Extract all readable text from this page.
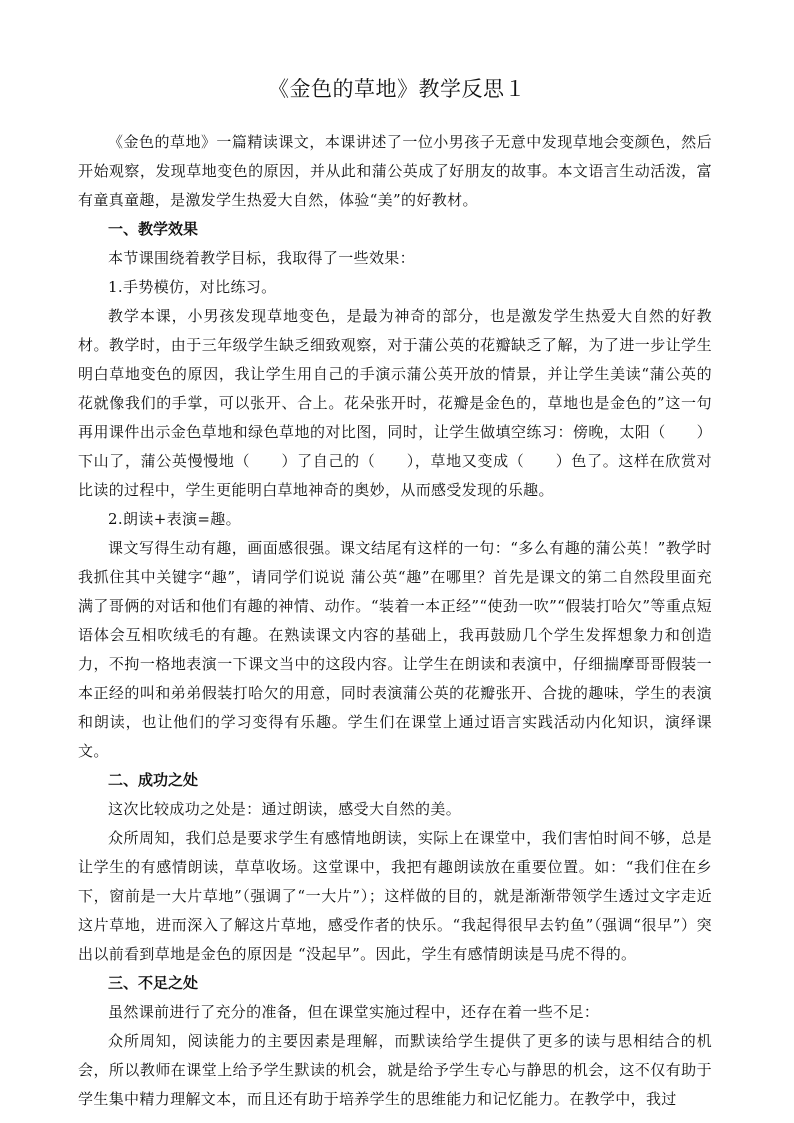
《金色的草地》教学反思１

《金色的草地》一篇精读课文，本课讲述了一位小男孩子无意中发现草地会变颜色，然后开始观察，发现草地变色的原因，并从此和蒲公英成了好朋友的故事。本文语言生动活泼，富有童真童趣，是激发学生热爱大自然，体验“美”的好教材。

一、教学效果

本节课围绕着教学目标，我取得了一些效果：

1.手势模仿，对比练习。

教学本课，小男孩发现草地变色，是最为神奇的部分，也是激发学生热爱大自然的好教材。教学时，由于三年级学生缺乏细致观察，对于蒲公英的花瓣缺乏了解，为了进一步让学生明白草地变色的原因，我让学生用自己的手演示蒲公英开放的情景，并让学生美读“蒲公英的花就像我们的手掌，可以张开、合上。花朵张开时，花瓣是金色的，草地也是金色的”这一句再用课件出示金色草地和绿色草地的对比图，同时，让学生做填空练习：傍晚，太阳（　　）下山了，蒲公英慢慢地（　　）了自己的（　　），草地又变成（　　）色了。这样在欣赏对比读的过程中，学生更能明白草地神奇的奥妙，从而感受发现的乐趣。

2.朗读+表演=趣。

课文写得生动有趣，画面感很强。课文结尾有这样的一句：“多么有趣的蒲公英！”教学时我抓住其中关键字“趣”，请同学们说说 蒲公英“趣”在哪里？首先是课文的第二自然段里面充满了哥俩的对话和他们有趣的神情、动作。“装着一本正经”“使劲一吹”“假装打哈欠”等重点短语体会互相吹绒毛的有趣。在熟读课文内容的基础上，我再鼓励几个学生发挥想象力和创造力，不拘一格地表演一下课文当中的这段内容。让学生在朗读和表演中，仔细揣摩哥哥假装一本正经的叫和弟弟假装打哈欠的用意，同时表演蒲公英的花瓣张开、合拢的趣味，学生的表演和朗读，也让他们的学习变得有乐趣。学生们在课堂上通过语言实践活动内化知识，演绎课文。

二、成功之处

这次比较成功之处是：通过朗读，感受大自然的美。

众所周知，我们总是要求学生有感情地朗读，实际上在课堂中，我们害怕时间不够，总是让学生的有感情朗读，草草收场。这堂课中，我把有趣朗读放在重要位置。如：“我们住在乡下，窗前是一大片草地”（强调了“一大片”）；这样做的目的，就是渐渐带领学生透过文字走近这片草地，进而深入了解这片草地，感受作者的快乐。“我起得很早去钓鱼”（强调“很早”）突出以前看到草地是金色的原因是 “没起早”。因此，学生有感情朗读是马虎不得的。

三、不足之处

虽然课前进行了充分的准备，但在课堂实施过程中，还存在着一些不足：

众所周知，阅读能力的主要因素是理解，而默读给学生提供了更多的读与思相结合的机会，所以教师在课堂上给予学生默读的机会，就是给予学生专心与静思的机会，这不仅有助于学生集中精力理解文本，而且还有助于培养学生的思维能力和记忆能力。在教学中，我过
